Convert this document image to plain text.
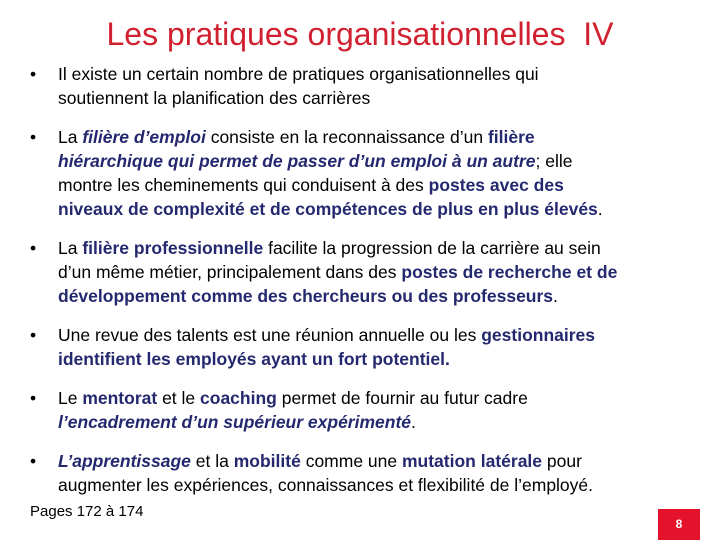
Les pratiques organisationnelles  IV
• Il existe un certain nombre de pratiques organisationnelles qui
soutiennent la planification des carrières
• La filière d’emploi consiste en la reconnaissance d’un filière
hiérarchique qui permet de passer d’un emploi à un autre; elle
montre les cheminements qui conduisent à des postes avec des
niveaux de complexité et de compétences de plus en plus élevés.
• La filière professionnelle facilite la progression de la carrière au sein
d’un même métier, principalement dans des postes de recherche et de
développement comme des chercheurs ou des professeurs.
• Une revue des talents est une réunion annuelle ou les gestionnaires
identifient les employés ayant un fort potentiel.
• Le mentorat et le coaching permet de fournir au futur cadre
l’encadrement d’un supérieur expérimenté.
• L’apprentissage et la mobilité comme une mutation latérale pour
augmenter les expériences, connaissances et flexibilité de l’employé.
Pages 172 à 174
8
